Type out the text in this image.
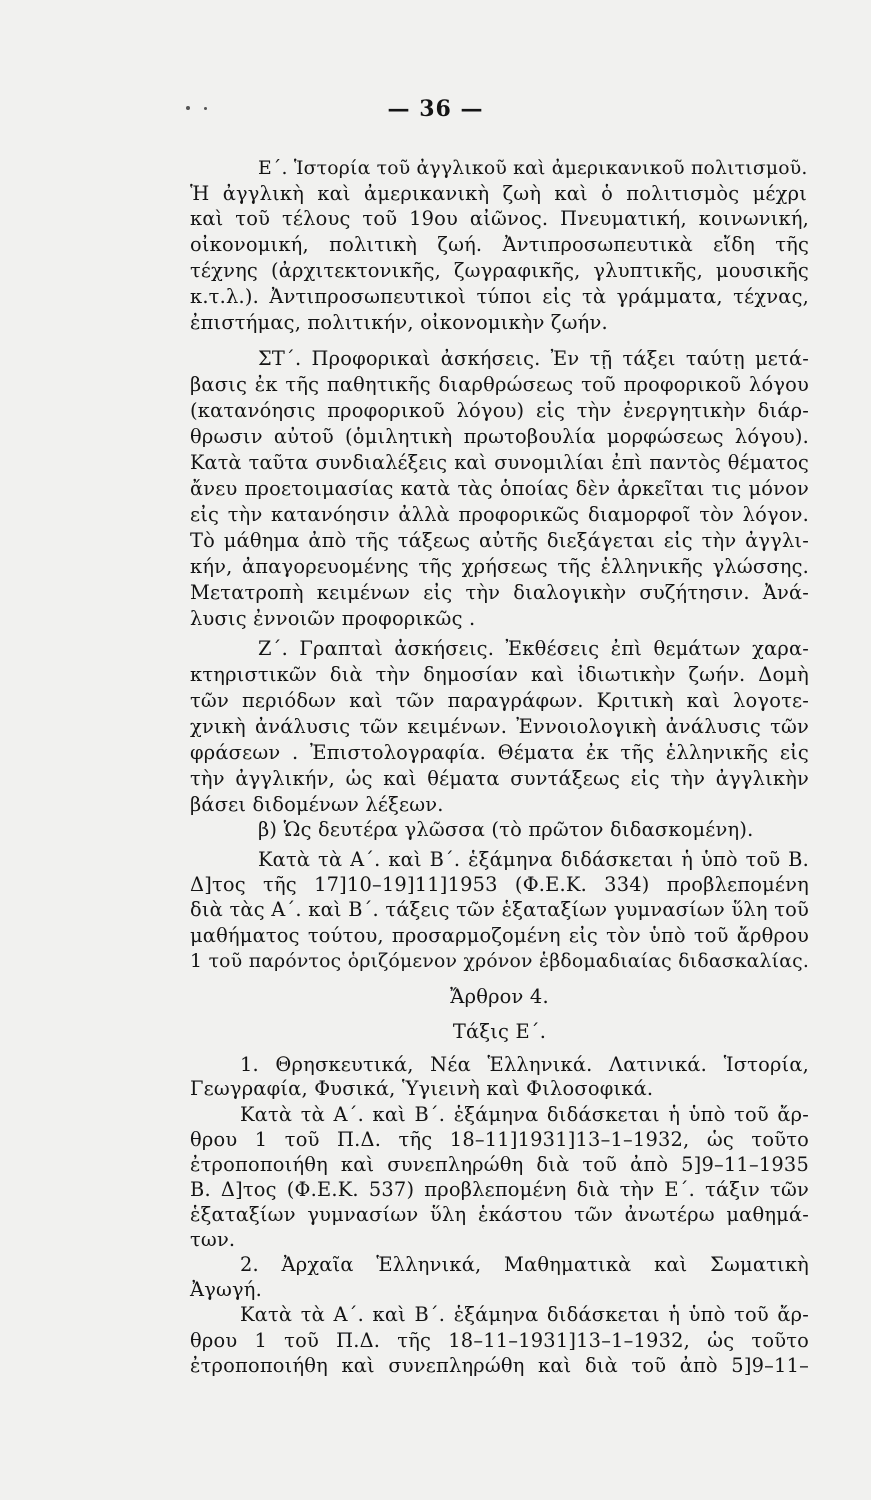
— 36 —
Ε΄. Ἱστορία τοῦ ἀγγλικοῦ καὶ ἀμερικανικοῦ πολιτισμοῦ.
Ἡ ἀγγλικὴ καὶ ἀμερικανικὴ ζωὴ καὶ ὁ πολιτισμὸς μέχρι
καὶ τοῦ τέλους τοῦ 19ου αἰῶνος. Πνευματική, κοινωνική,
οἰκονομική, πολιτικὴ ζωή. Ἀντιπροσωπευτικὰ εἴδη τῆς
τέχνης (ἀρχιτεκτονικῆς, ζωγραφικῆς, γλυπτικῆς, μουσικῆς
κ.τ.λ.). Ἀντιπροσωπευτικοὶ τύποι εἰς τὰ γράμματα, τέχνας,
ἐπιστήμας, πολιτικήν, οἰκονομικὴν ζωήν.
ΣΤ΄. Προφορικαὶ ἀσκήσεις. Ἐν τῇ τάξει ταύτῃ μετά-
βασις ἐκ τῆς παθητικῆς διαρθρώσεως τοῦ προφορικοῦ λόγου
(κατανόησις προφορικοῦ λόγου) εἰς τὴν ἐνεργητικὴν διάρ-
θρωσιν αὐτοῦ (ὁμιλητικὴ πρωτοβουλία μορφώσεως λόγου).
Κατὰ ταῦτα συνδιαλέξεις καὶ συνομιλίαι ἐπὶ παντὸς θέματος
ἄνευ προετοιμασίας κατὰ τὰς ὁποίας δὲν ἀρκεῖται τις μόνον
εἰς τὴν κατανόησιν ἀλλὰ προφορικῶς διαμορφοῖ τὸν λόγον.
Τὸ μάθημα ἀπὸ τῆς τάξεως αὐτῆς διεξάγεται εἰς τὴν ἀγγλι-
κήν, ἀπαγορευομένης τῆς χρήσεως τῆς ἑλληνικῆς γλώσσης.
Μετατροπὴ κειμένων εἰς τὴν διαλογικὴν συζήτησιν. Ἀνά-
λυσις ἐννοιῶν προφορικῶς .
Ζ΄. Γραπταὶ ἀσκήσεις. Ἐκθέσεις ἐπὶ θεμάτων χαρα-
κτηριστικῶν διὰ τὴν δημοσίαν καὶ ἰδιωτικὴν ζωήν. Δομὴ
τῶν περιόδων καὶ τῶν παραγράφων. Κριτικὴ καὶ λογοτε-
χνικὴ ἀνάλυσις τῶν κειμένων. Ἐννοιολογικὴ ἀνάλυσις τῶν
φράσεων . Ἐπιστολογραφία. Θέματα ἐκ τῆς ἑλληνικῆς εἰς
τὴν ἀγγλικήν, ὡς καὶ θέματα συντάξεως εἰς τὴν ἀγγλικὴν
βάσει διδομένων λέξεων.
β) Ὡς δευτέρα γλῶσσα (τὸ πρῶτον διδασκομένη).
Κατὰ τὰ Α΄. καὶ Β΄. ἑξάμηνα διδάσκεται ἡ ὑπὸ τοῦ Β.
Δ]τος τῆς 17]10–19]11]1953 (Φ.Ε.Κ. 334) προβλεπομένη
διὰ τὰς Α΄. καὶ Β΄. τάξεις τῶν ἑξαταξίων γυμνασίων ὕλη τοῦ
μαθήματος τούτου, προσαρμοζομένη εἰς τὸν ὑπὸ τοῦ ἄρθρου
1 τοῦ παρόντος ὁριζόμενον χρόνον ἑβδομαδιαίας διδασκαλίας.
Ἄρθρον 4.
Τάξις Ε΄.
1. Θρησκευτικά, Νέα Ἑλληνικά. Λατινικά. Ἱστορία,
Γεωγραφία, Φυσικά, Ὑγιεινὴ καὶ Φιλοσοφικά.
Κατὰ τὰ Α΄. καὶ Β΄. ἑξάμηνα διδάσκεται ἡ ὑπὸ τοῦ ἄρ-
θρου 1 τοῦ Π.Δ. τῆς 18–11]1931]13–1–1932, ὡς τοῦτο
ἐτροποποιήθη καὶ συνεπληρώθη διὰ τοῦ ἀπὸ 5]9–11–1935
Β. Δ]τος (Φ.Ε.Κ. 537) προβλεπομένη διὰ τὴν Ε΄. τάξιν τῶν
ἑξαταξίων γυμνασίων ὕλη ἑκάστου τῶν ἀνωτέρω μαθημά-
των.
2. Ἀρχαῖα Ἑλληνικά, Μαθηματικὰ καὶ Σωματικὴ
Ἀγωγή.
Κατὰ τὰ Α΄. καὶ Β΄. ἑξάμηνα διδάσκεται ἡ ὑπὸ τοῦ ἄρ-
θρου 1 τοῦ Π.Δ. τῆς 18–11–1931]13–1–1932, ὡς τοῦτο
ἐτροποποιήθη καὶ συνεπληρώθη καὶ διὰ τοῦ ἀπὸ 5]9–11–
